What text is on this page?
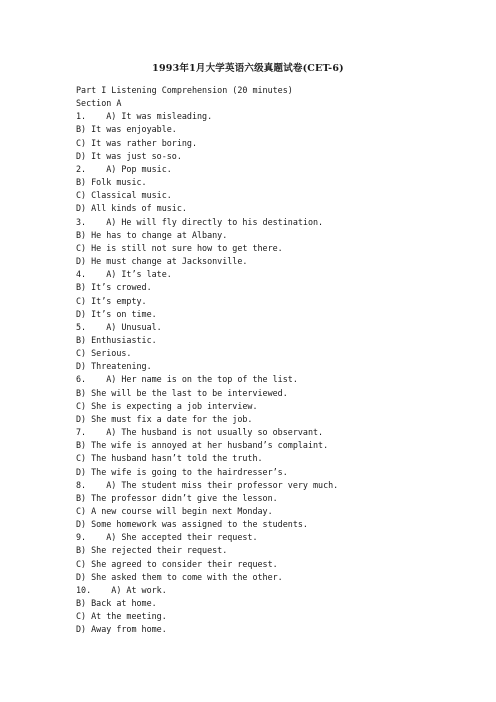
1993年1月大学英语六级真题试卷(CET-6)
Part I Listening Comprehension (20 minutes)
Section A
1.    A) It was misleading.
B) It was enjoyable.
C) It was rather boring.
D) It was just so-so.
2.    A) Pop music.
B) Folk music.
C) Classical music.
D) All kinds of music.
3.    A) He will fly directly to his destination.
B) He has to change at Albany.
C) He is still not sure how to get there.
D) He must change at Jacksonville.
4.    A) It’s late.
B) It’s crowed.
C) It’s empty.
D) It’s on time.
5.    A) Unusual.
B) Enthusiastic.
C) Serious.
D) Threatening.
6.    A) Her name is on the top of the list.
B) She will be the last to be interviewed.
C) She is expecting a job interview.
D) She must fix a date for the job.
7.    A) The husband is not usually so observant.
B) The wife is annoyed at her husband’s complaint.
C) The husband hasn’t told the truth.
D) The wife is going to the hairdresser’s.
8.    A) The student miss their professor very much.
B) The professor didn’t give the lesson.
C) A new course will begin next Monday.
D) Some homework was assigned to the students.
9.    A) She accepted their request.
B) She rejected their request.
C) She agreed to consider their request.
D) She asked them to come with the other.
10.    A) At work.
B) Back at home.
C) At the meeting.
D) Away from home.
